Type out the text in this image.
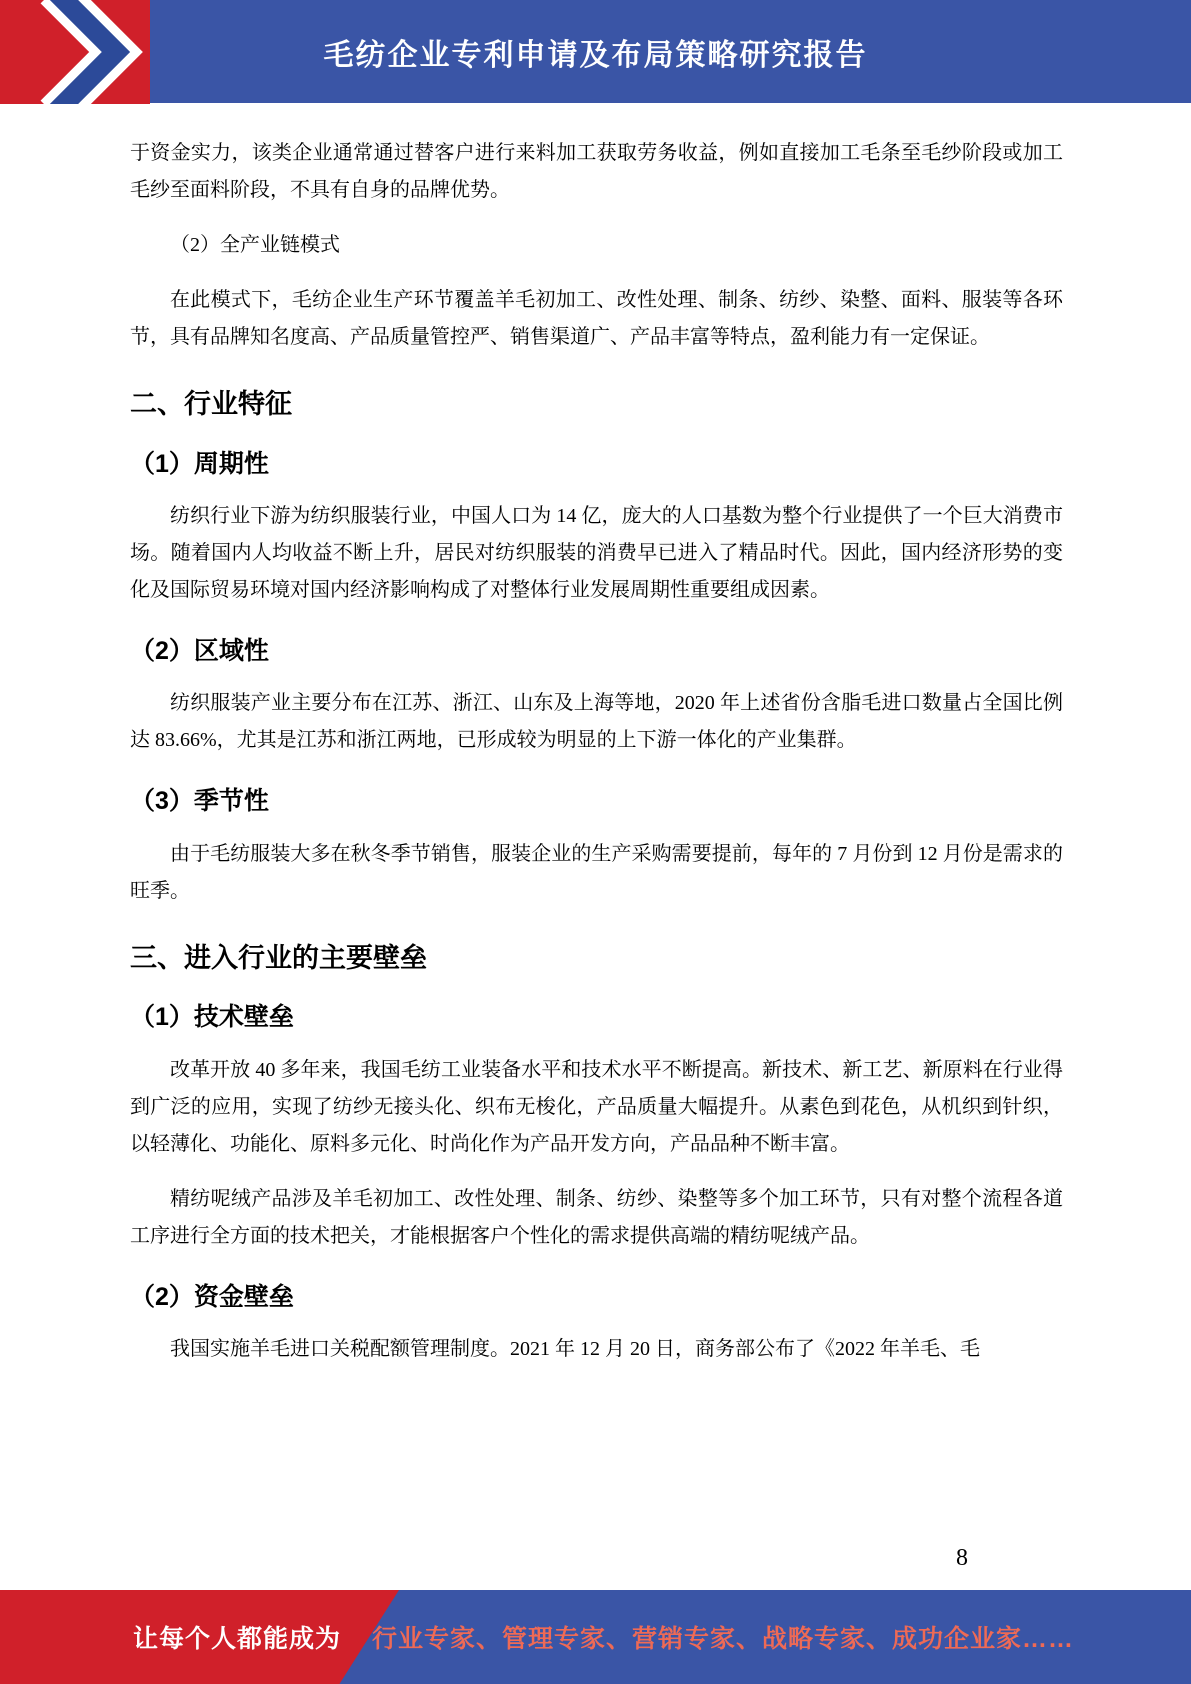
毛纺企业专利申请及布局策略研究报告

于资金实力，该类企业通常通过替客户进行来料加工获取劳务收益，例如直接加工毛条至毛纱阶段或加工毛纱至面料阶段，不具有自身的品牌优势。

（2）全产业链模式

在此模式下，毛纺企业生产环节覆盖羊毛初加工、改性处理、制条、纺纱、染整、面料、服装等各环节，具有品牌知名度高、产品质量管控严、销售渠道广、产品丰富等特点，盈利能力有一定保证。

二、行业特征
（1）周期性

纺织行业下游为纺织服装行业，中国人口为 14 亿，庞大的人口基数为整个行业提供了一个巨大消费市场。随着国内人均收益不断上升，居民对纺织服装的消费早已进入了精品时代。因此，国内经济形势的变化及国际贸易环境对国内经济影响构成了对整体行业发展周期性重要组成因素。

（2）区域性

纺织服装产业主要分布在江苏、浙江、山东及上海等地，2020 年上述省份含脂毛进口数量占全国比例达 83.66%，尤其是江苏和浙江两地，已形成较为明显的上下游一体化的产业集群。

（3）季节性

由于毛纺服装大多在秋冬季节销售，服装企业的生产采购需要提前，每年的 7 月份到 12 月份是需求的旺季。

三、进入行业的主要壁垒
（1）技术壁垒

改革开放 40 多年来，我国毛纺工业装备水平和技术水平不断提高。新技术、新工艺、新原料在行业得到广泛的应用，实现了纺纱无接头化、织布无梭化，产品质量大幅提升。从素色到花色，从机织到针织，以轻薄化、功能化、原料多元化、时尚化作为产品开发方向，产品品种不断丰富。

精纺呢绒产品涉及羊毛初加工、改性处理、制条、纺纱、染整等多个加工环节，只有对整个流程各道工序进行全方面的技术把关，才能根据客户个性化的需求提供高端的精纺呢绒产品。

（2）资金壁垒

我国实施羊毛进口关税配额管理制度。2021 年 12 月 20 日，商务部公布了《2022 年羊毛、毛

8
让每个人都能成为 行业专家、管理专家、营销专家、战略专家、成功企业家……
